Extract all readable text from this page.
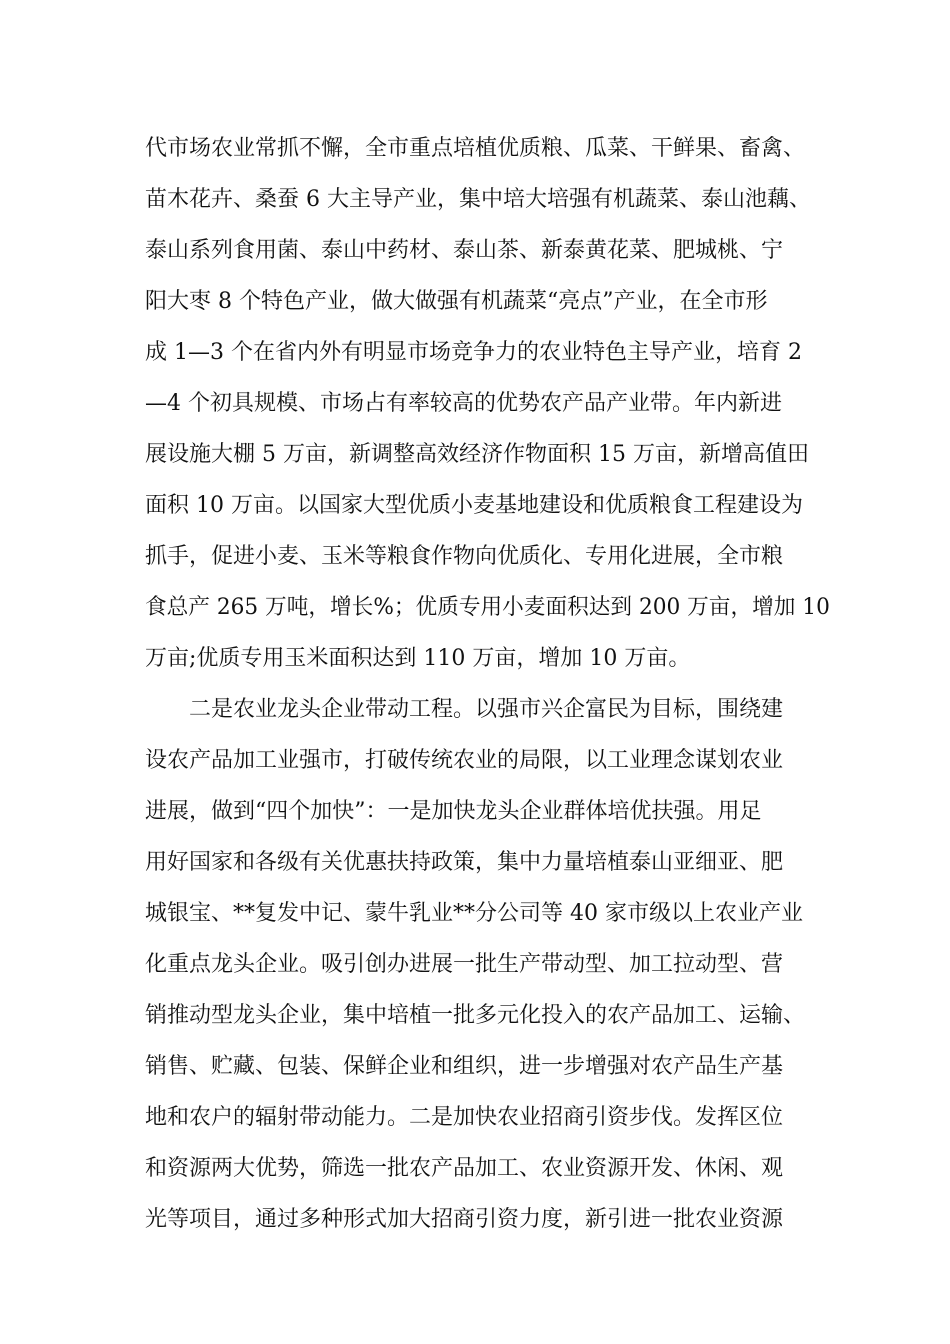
代市场农业常抓不懈，全市重点培植优质粮、瓜菜、干鲜果、畜禽、
苗木花卉、桑蚕 6 大主导产业，集中培大培强有机蔬菜、泰山池藕、
泰山系列食用菌、泰山中药材、泰山茶、新泰黄花菜、肥城桃、宁
阳大枣 8 个特色产业，做大做强有机蔬菜“亮点”产业，在全市形
成 1—3 个在省内外有明显市场竞争力的农业特色主导产业，培育 2
—4 个初具规模、市场占有率较高的优势农产品产业带。年内新进
展设施大棚 5 万亩，新调整高效经济作物面积 15 万亩，新增高值田
面积 10 万亩。以国家大型优质小麦基地建设和优质粮食工程建设为
抓手，促进小麦、玉米等粮食作物向优质化、专用化进展，全市粮
食总产 265 万吨，增长%；优质专用小麦面积达到 200 万亩，增加 10
万亩;优质专用玉米面积达到 110 万亩，增加 10 万亩。
二是农业龙头企业带动工程。以强市兴企富民为目标，围绕建
设农产品加工业强市，打破传统农业的局限，以工业理念谋划农业
进展，做到“四个加快”：一是加快龙头企业群体培优扶强。用足
用好国家和各级有关优惠扶持政策，集中力量培植泰山亚细亚、肥
城银宝、**复发中记、蒙牛乳业**分公司等 40 家市级以上农业产业
化重点龙头企业。吸引创办进展一批生产带动型、加工拉动型、营
销推动型龙头企业，集中培植一批多元化投入的农产品加工、运输、
销售、贮藏、包装、保鲜企业和组织，进一步增强对农产品生产基
地和农户的辐射带动能力。二是加快农业招商引资步伐。发挥区位
和资源两大优势，筛选一批农产品加工、农业资源开发、休闲、观
光等项目，通过多种形式加大招商引资力度，新引进一批农业资源
